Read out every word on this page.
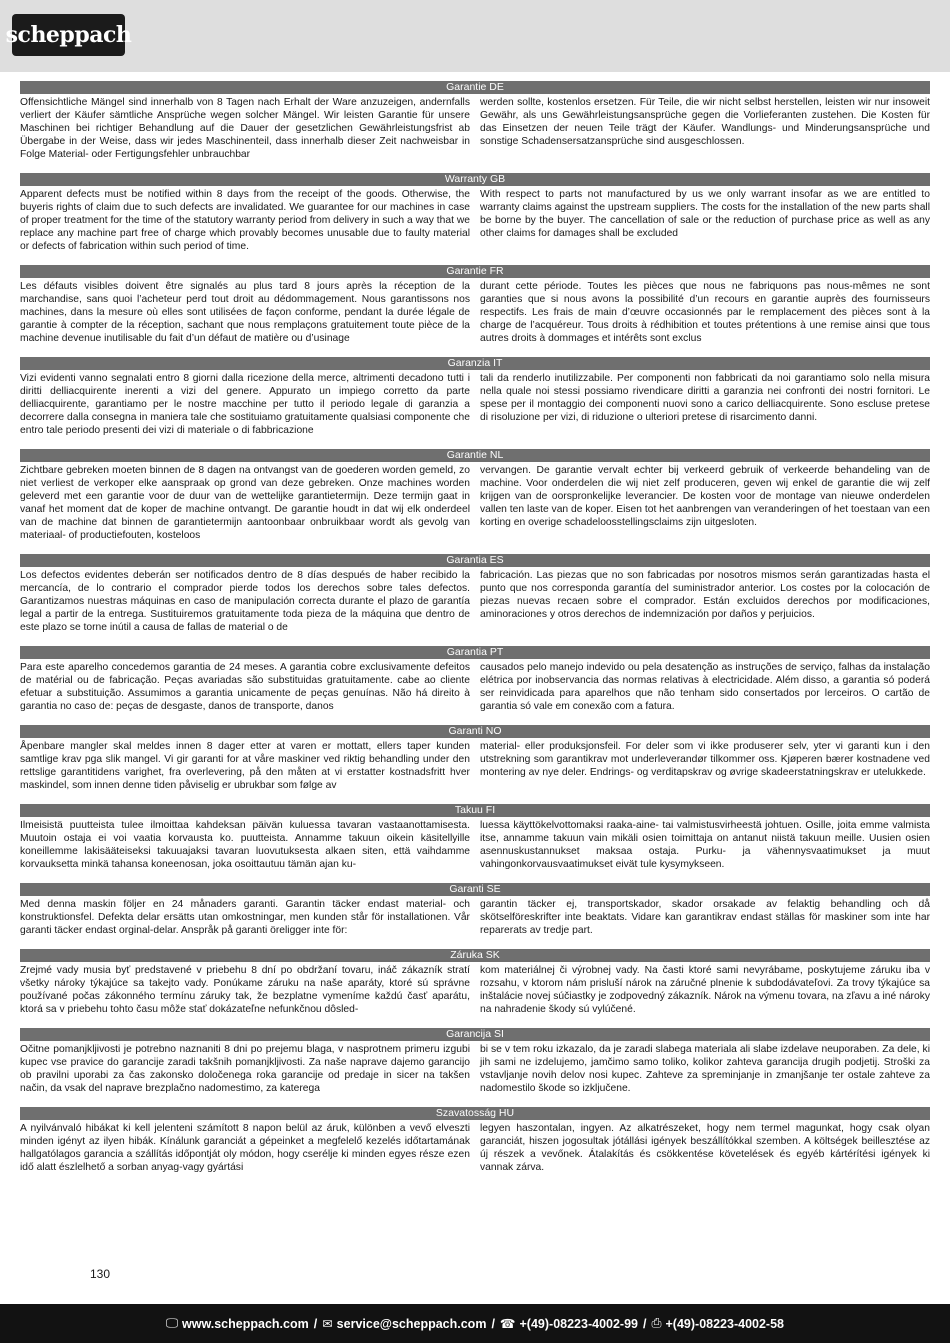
scheppach
Garantie DE

Offensichtliche Mängel sind innerhalb von 8 Tagen nach Erhalt der Ware anzuzeigen, andernfalls verliert der Käufer sämtliche Ansprüche wegen solcher Mängel. Wir leisten Garantie für unsere Maschinen bei richtiger Behandlung auf die Dauer der gesetzlichen Gewährleistungsfrist ab Übergabe in der Weise, dass wir jedes Maschinenteil, dass innerhalb dieser Zeit nachweisbar in Folge Material- oder Fertigungsfehler unbrauchbar

werden sollte, kostenlos ersetzen. Für Teile, die wir nicht selbst herstellen, leisten wir nur insoweit Gewähr, als uns Gewährleistungsansprüche gegen die Vorlieferanten zustehen. Die Kosten für das Einsetzen der neuen Teile trägt der Käufer. Wandlungs- und Minderungsansprüche und sonstige Schadensersatzansprüche sind ausgeschlossen.

Warranty GB

Apparent defects must be notified within 8 days from the receipt of the goods. Otherwise, the buyeris rights of claim due to such defects are invalidated. We guarantee for our machines in case of proper treatment for the time of the statutory warranty period from delivery in such a way that we replace any machine part free of charge which provably becomes unusable due to faulty material or defects of fabrication within such period of time.

With respect to parts not manufactured by us we only warrant insofar as we are entitled to warranty claims against the upstream suppliers. The costs for the installation of the new parts shall be borne by the buyer. The cancellation of sale or the reduction of purchase price as well as any other claims for damages shall be excluded

Garantie FR

Les défauts visibles doivent être signalés au plus tard 8 jours après la réception de la marchandise, sans quoi l’acheteur perd tout droit au dédommagement. Nous garantissons nos machines, dans la mesure où elles sont utilisées de façon conforme, pendant la durée légale de garantie à compter de la réception, sachant que nous remplaçons gratuitement toute pièce de la machine devenue inutilisable du fait d’un défaut de matière ou d’usinage

durant cette période. Toutes les pièces que nous ne fabriquons pas nous-mêmes ne sont garanties que si nous avons la possibilité d’un recours en garantie auprès des fournisseurs respectifs. Les frais de main d’œuvre occasionnés par le remplacement des pièces sont à la charge de l’acquéreur. Tous droits à rédhibition et toutes prétentions à une remise ainsi que tous autres droits à dommages et intérêts sont exclus

Garanzia IT

Vizi evidenti vanno segnalati entro 8 giorni dalla ricezione della merce, altrimenti decadono tutti i diritti delliacquirente inerenti a vizi del genere. Appurato un impiego corretto da parte delliacquirente, garantiamo per le nostre macchine per tutto il periodo legale di garanzia a decorrere dalla consegna in maniera tale che sostituiamo gratuitamente qualsiasi componente che entro tale periodo presenti dei vizi di materiale o di fabbricazione

tali da renderlo inutilizzabile. Per componenti non fabbricati da noi garantiamo solo nella misura nella quale noi stessi possiamo rivendicare diritti a garanzia nei confronti dei nostri fornitori. Le spese per il montaggio dei componenti nuovi sono a carico delliacquirente. Sono escluse pretese di risoluzione per vizi, di riduzione o ulteriori pretese di risarcimento danni.

Garantie NL

Zichtbare gebreken moeten binnen de 8 dagen na ontvangst van de goederen worden gemeld, zo niet verliest de verkoper elke aanspraak op grond van deze gebreken. Onze machines worden geleverd met een garantie voor de duur van de wettelijke garantietermijn. Deze termijn gaat in vanaf het moment dat de koper de machine ontvangt. De garantie houdt in dat wij elk onderdeel van de machine dat binnen de garantietermijn aantoonbaar onbruikbaar wordt als gevolg van materiaal- of productiefouten, kosteloos

vervangen. De garantie vervalt echter bij verkeerd gebruik of verkeerde behandeling van de machine. Voor onderdelen die wij niet zelf produceren, geven wij enkel de garantie die wij zelf krijgen van de oorspronkelijke leverancier. De kosten voor de montage van nieuwe onderdelen vallen ten laste van de koper. Eisen tot het aanbrengen van veranderingen of het toestaan van een korting en overige schadeloosstellingsclaims zijn uitgesloten.

Garantia ES

Los defectos evidentes deberán ser notificados dentro de 8 días después de haber recibido la mercancía, de lo contrario el comprador pierde todos los derechos sobre tales defectos. Garantizamos nuestras máquinas en caso de manipulación correcta durante el plazo de garantía legal a partir de la entrega. Sustituiremos gratuitamente toda pieza de la máquina que dentro de este plazo se torne inútil a causa de fallas de material o de

fabricación. Las piezas que no son fabricadas por nosotros mismos serán garantizadas hasta el punto que nos corresponda garantía del suministrador anterior. Los costes por la colocación de piezas nuevas recaen sobre el comprador. Están excluidos derechos por modificaciones, aminoraciones y otros derechos de indemnización por daños y perjuicios.

Garantia PT

Para este aparelho concedemos garantia de 24 meses. A garantia cobre exclusivamente defeitos de matérial ou de fabricação. Peças avariadas são substituidas gratuitamente. cabe ao cliente efetuar a substituição. Assumimos a garantia unicamente de peças genuínas. Não há direito à garantia no caso de: peças de desgaste, danos de transporte, danos

causados pelo manejo indevido ou pela desatenção as instruções de serviço, falhas da instalação elétrica por inobservancia das normas relativas à electricidade. Além disso, a garantia só poderá ser reinvidicada para aparelhos que não tenham sido consertados por lerceiros. O cartão de garantia só vale em conexão com a fatura.

Garanti NO

Åpenbare mangler skal meldes innen 8 dager etter at varen er mottatt, ellers taper kunden samtlige krav pga slik mangel. Vi gir garanti for at våre maskiner ved riktig behandling under den rettslige garantitidens varighet, fra overlevering, på den måten at vi erstatter kostnadsfritt hver maskindel, som innen denne tiden påviselig er ubrukbar som følge av

material- eller produksjonsfeil. For deler som vi ikke produserer selv, yter vi garanti kun i den utstrekning som garantikrav mot underleverandør tilkommer oss. Kjøperen bærer kostnadene ved montering av nye deler. Endrings- og verditapskrav og øvrige skadeerstatningskrav er utelukkede.

Takuu FI

Ilmeisistä puutteista tulee ilmoittaa kahdeksan päivän kuluessa tavaran vastaanottamisesta. Muutoin ostaja ei voi vaatia korvausta ko. puutteista. Annamme takuun oikein käsitellyille koneillemme lakisääteiseksi takuuajaksi tavaran luovutuksesta alkaen siten, että vaihdamme korvauksetta minkä tahansa koneenosan, joka osoittautuu tämän ajan ku-

luessa käyttökelvottomaksi raaka-aine- tai valmistusvirheestä johtuen. Osille, joita emme valmista itse, annamme takuun vain mikäli osien toimittaja on antanut niistä takuun meille. Uusien osien asennuskustannukset maksaa ostaja. Purku- ja vähennysvaatimukset ja muut vahingonkorvausvaatimukset eivät tule kysymykseen.

Garanti SE

Med denna maskin följer en 24 månaders garanti. Garantin täcker endast material- och konstruktionsfel. Defekta delar ersätts utan omkostningar, men kunden står för installationen. Vår garanti täcker endast orginal-delar. Anspråk på garanti öreligger inte för:

garantin täcker ej, transportskador, skador orsakade av felaktig behandling och då skötselföreskrifter inte beaktats. Vidare kan garantikrav endast ställas för maskiner som inte har reparerats av tredje part.

Záruka SK

Zrejmé vady musia byť predstavené v priebehu 8 dní po obdržaní tovaru, ináč zákazník stratí všetky nároky týkajúce sa takejto vady. Ponúkame záruku na naše aparáty, ktoré sú správne používané počas zákonného termínu záruky tak, že bezplatne vymeníme každú časť aparátu, ktorá sa v priebehu tohto času môže stať dokázateľne nefunkčnou dôsled-

kom materiálnej či výrobnej vady. Na časti ktoré sami nevyrábame, poskytujeme záruku iba v rozsahu, v ktorom nám prisluší nárok na záručné plnenie k subdodávateľovi. Za trovy týkajúce sa inštalácie novej súčiastky je zodpovedný zákazník. Nárok na výmenu tovara, na zľavu a iné nároky na nahradenie škody sú vylúčené.

Garancija SI

Očitne pomanjkljivosti je potrebno naznaniti 8 dni po prejemu blaga, v nasprotnem primeru izgubi kupec vse pravice do garancije zaradi takšnih pomanjkljivosti. Za naše naprave dajemo garancijo ob pravilni uporabi za čas zakonsko določenega roka garancije od predaje in sicer na takšen način, da vsak del naprave brezplačno nadomestimo, za katerega

bi se v tem roku izkazalo, da je zaradi slabega materiala ali slabe izdelave neuporaben. Za dele, ki jih sami ne izdelujemo, jamčimo samo toliko, kolikor zahteva garancija drugih podjetij. Stroški za vstavljanje novih delov nosi kupec. Zahteve za spreminjanje in zmanjšanje ter ostale zahteve za nadomestilo škode so izključene.

Szavatosság HU

A nyilvánvaló hibákat ki kell jelenteni számított 8 napon belül az áruk, különben a vevő elveszti minden igényt az ilyen hibák. Kínálunk garanciát a gépeinket a megfelelő kezelés időtartamának hallgatólagos garancia a szállítás időpontját oly módon, hogy cserélje ki minden egyes része ezen idő alatt észlelhető a sorban anyag-vagy gyártási

legyen haszontalan, ingyen. Az alkatrészeket, hogy nem termel magunkat, hogy csak olyan garanciát, hiszen jogosultak jótállási igények beszállítókkal szemben. A költségek beillesztése az új részek a vevőnek. Átalakítás és csökkentése követelések és egyéb kártérítési igények ki vannak zárva.

130
🖵︎ www.scheppach.com / ✉︎ service@scheppach.com / ☎︎ +(49)-08223-4002-99 / ⎙ +(49)-08223-4002-58
